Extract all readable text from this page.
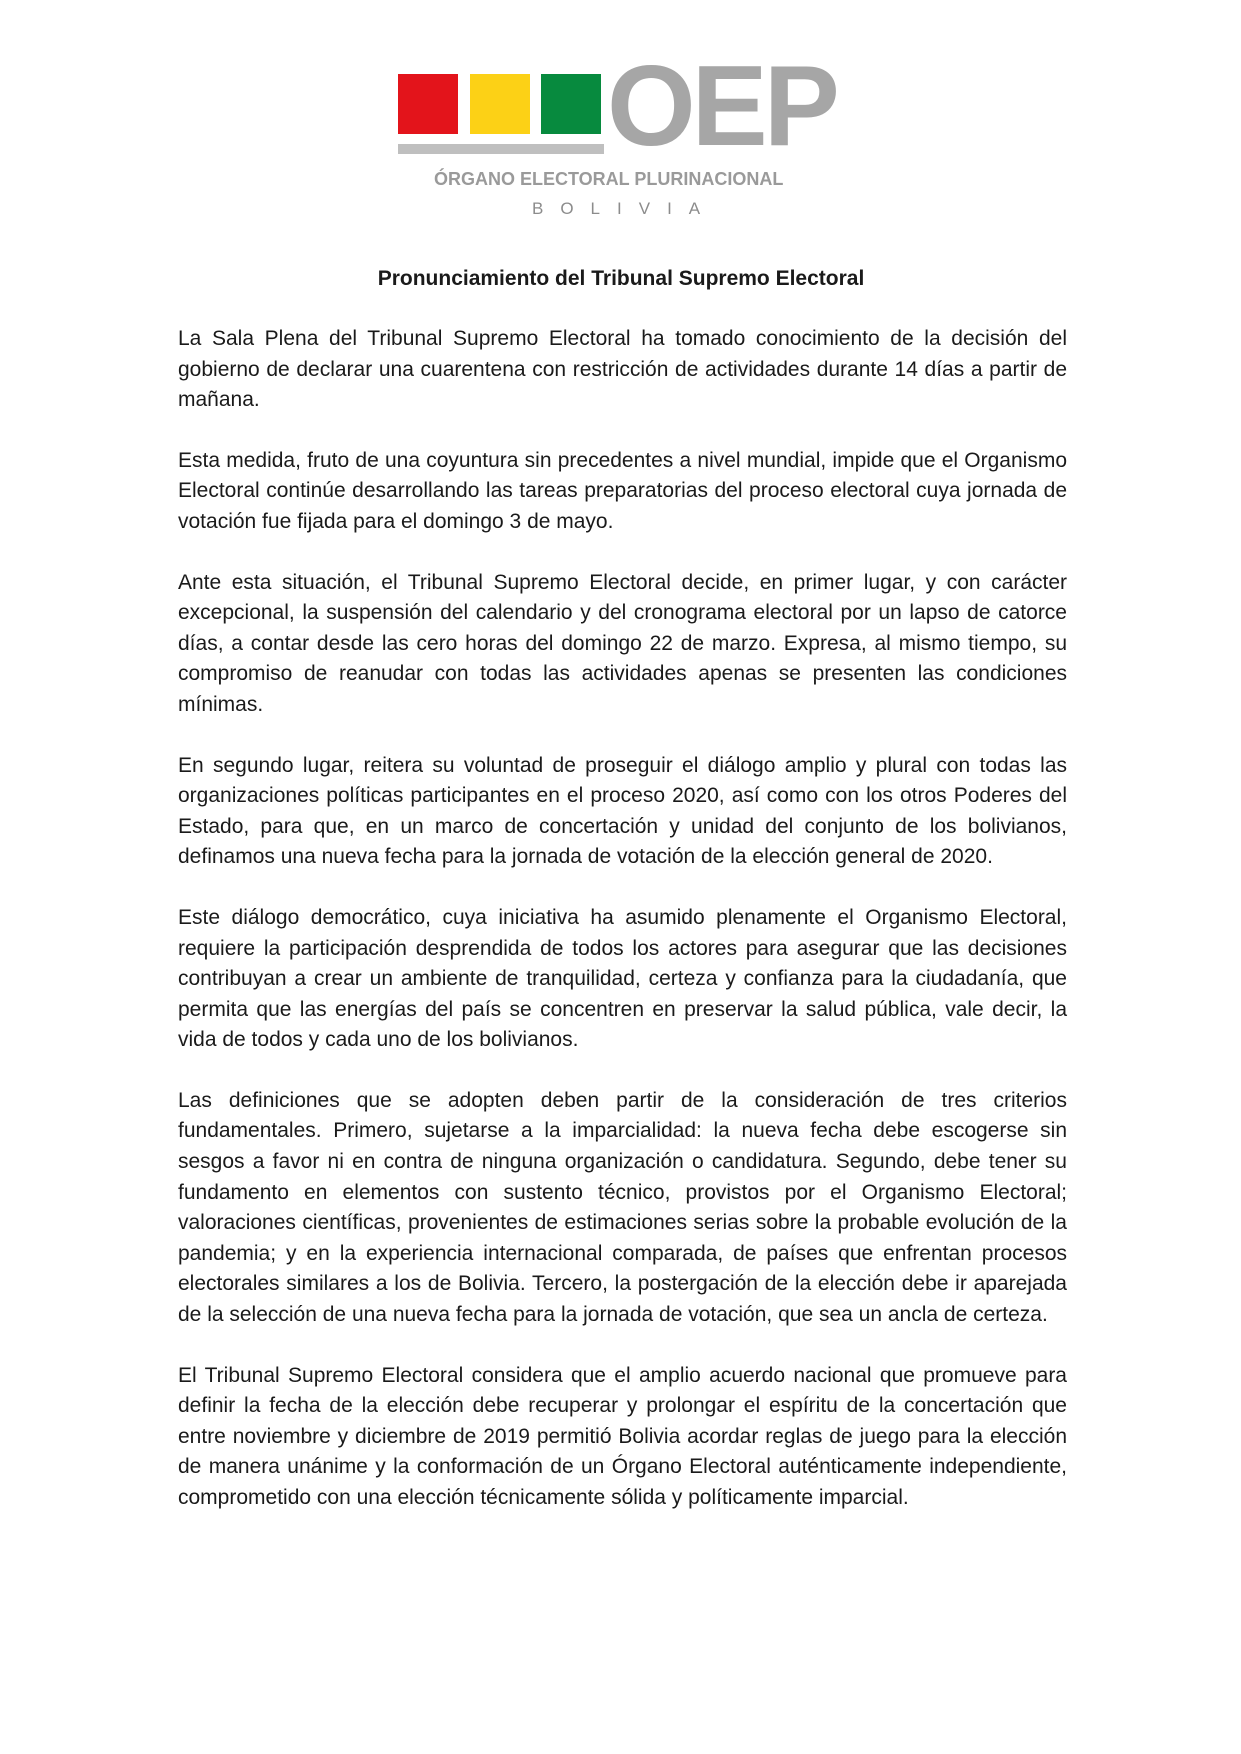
OEP
ÓRGANO ELECTORAL PLURINACIONAL
BOLIVIA
Pronunciamiento del Tribunal Supremo Electoral

La Sala Plena del Tribunal Supremo Electoral ha tomado conocimiento de la decisión del gobierno de declarar una cuarentena con restricción de actividades durante 14 días a partir de mañana.

Esta medida, fruto de una coyuntura sin precedentes a nivel mundial, impide que el Organismo Electoral continúe desarrollando las tareas preparatorias del proceso electoral cuya jornada de votación fue fijada para el domingo 3 de mayo.

Ante esta situación, el Tribunal Supremo Electoral decide, en primer lugar, y con carácter excepcional, la suspensión del calendario y del cronograma electoral por un lapso de catorce días, a contar desde las cero horas del domingo 22 de marzo. Expresa, al mismo tiempo, su compromiso de reanudar con todas las actividades apenas se presenten las condiciones mínimas.

En segundo lugar, reitera su voluntad de proseguir el diálogo amplio y plural con todas las organizaciones políticas participantes en el proceso 2020, así como con los otros Poderes del Estado, para que, en un marco de concertación y unidad del conjunto de los bolivianos, definamos una nueva fecha para la jornada de votación de la elección general de 2020.

Este diálogo democrático, cuya iniciativa ha asumido plenamente el Organismo Electoral, requiere la participación desprendida de todos los actores para asegurar que las decisiones contribuyan a crear un ambiente de tranquilidad, certeza y confianza para la ciudadanía, que permita que las energías del país se concentren en preservar la salud pública, vale decir, la vida de todos y cada uno de los bolivianos.

Las definiciones que se adopten deben partir de la consideración de tres criterios fundamentales. Primero, sujetarse a la imparcialidad: la nueva fecha debe escogerse sin sesgos a favor ni en contra de ninguna organización o candidatura. Segundo, debe tener su fundamento en elementos con sustento técnico, provistos por el Organismo Electoral; valoraciones científicas, provenientes de estimaciones serias sobre la probable evolución de la pandemia; y en la experiencia internacional comparada, de países que enfrentan procesos electorales similares a los de Bolivia. Tercero, la postergación de la elección debe ir aparejada de la selección de una nueva fecha para la jornada de votación, que sea un ancla de certeza.

El Tribunal Supremo Electoral considera que el amplio acuerdo nacional que promueve para definir la fecha de la elección debe recuperar y prolongar el espíritu de la concertación que entre noviembre y diciembre de 2019 permitió Bolivia acordar reglas de juego para la elección de manera unánime y la conformación de un Órgano Electoral auténticamente independiente, comprometido con una elección técnicamente sólida y políticamente imparcial.
